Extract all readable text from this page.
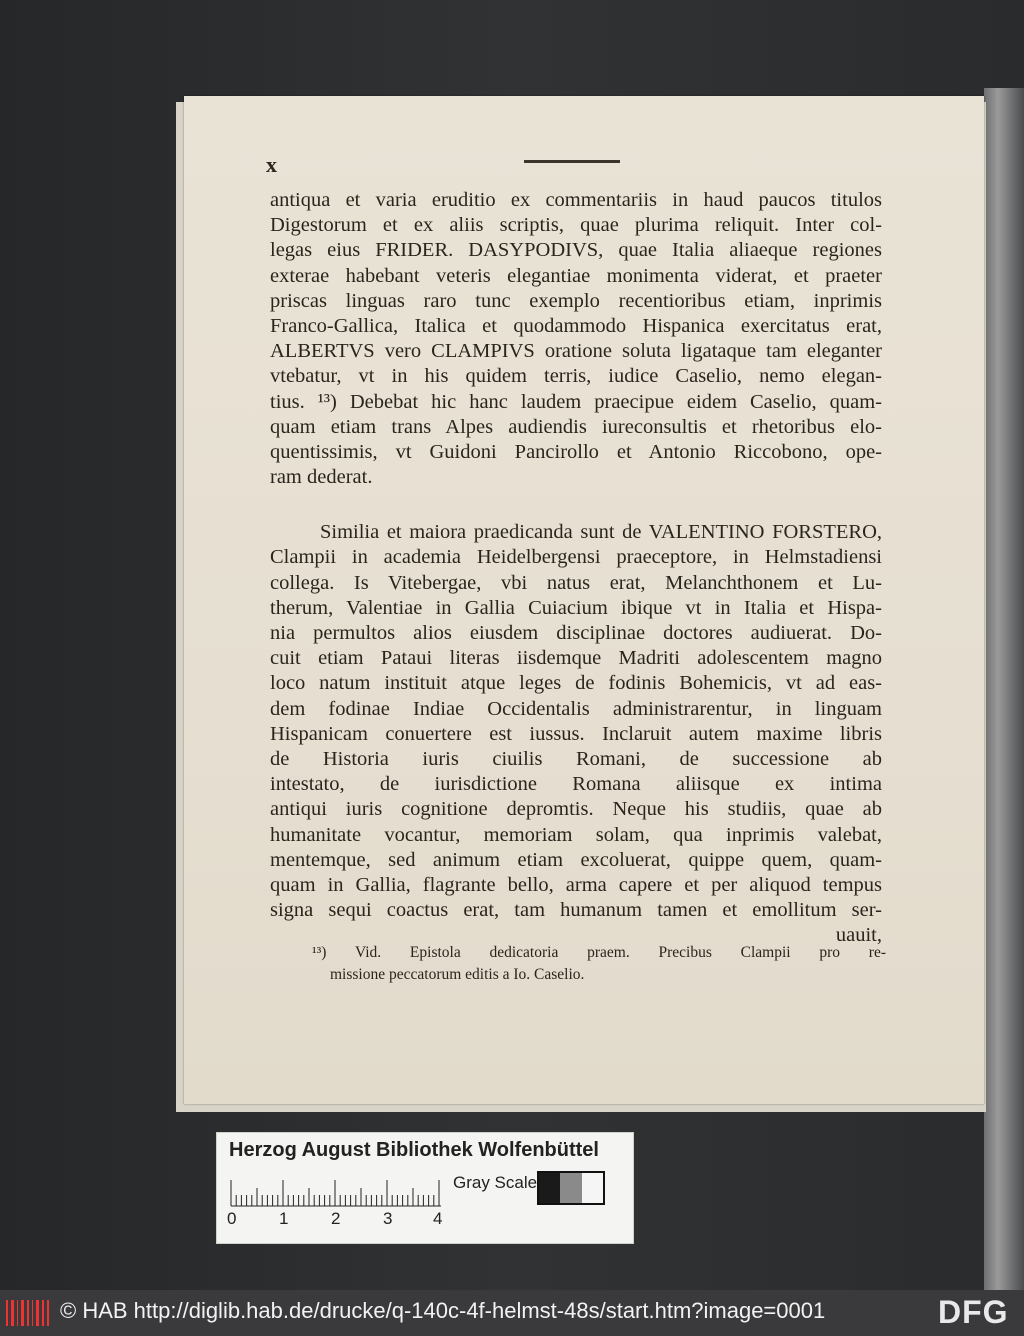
x
antiqua et varia eruditio ex commentariis in haud paucos titulos
Digestorum et ex aliis scriptis, quae plurima reliquit. Inter col-
legas eius FRIDER. DASYPODIVS, quae Italia aliaeque regiones
exterae habebant veteris elegantiae monimenta viderat, et praeter
priscas linguas raro tunc exemplo recentioribus etiam, inprimis
Franco-Gallica, Italica et quodammodo Hispanica exercitatus erat,
ALBERTVS vero CLAMPIVS oratione soluta ligataque tam eleganter
vtebatur, vt in his quidem terris, iudice Caselio, nemo elegan-
tius. ¹³) Debebat hic hanc laudem praecipue eidem Caselio, quam-
quam etiam trans Alpes audiendis iureconsultis et rhetoribus elo-
quentissimis, vt Guidoni Pancirollo et Antonio Riccobono, ope-
ram dederat.
Similia et maiora praedicanda sunt de VALENTINO FORSTERO,
Clampii in academia Heidelbergensi praeceptore, in Helmstadiensi
collega. Is Vitebergae, vbi natus erat, Melanchthonem et Lu-
therum, Valentiae in Gallia Cuiacium ibique vt in Italia et Hispa-
nia permultos alios eiusdem disciplinae doctores audiuerat. Do-
cuit etiam Pataui literas iisdemque Madriti adolescentem magno
loco natum instituit atque leges de fodinis Bohemicis, vt ad eas-
dem fodinae Indiae Occidentalis administrarentur, in linguam
Hispanicam conuertere est iussus. Inclaruit autem maxime libris
de Historia iuris ciuilis Romani, de successione ab
intestato, de iurisdictione Romana aliisque ex intima
antiqui iuris cognitione depromtis. Neque his studiis, quae ab
humanitate vocantur, memoriam solam, qua inprimis valebat,
mentemque, sed animum etiam excoluerat, quippe quem, quam-
quam in Gallia, flagrante bello, arma capere et per aliquod tempus
signa sequi coactus erat, tam humanum tamen et emollitum ser-
uauit,
¹³) Vid. Epistola dedicatoria praem. Precibus Clampii pro re-
missione peccatorum editis a Io. Caselio.
Herzog August Bibliothek Wolfenbüttel
0	1	2	3 4
Gray Scale
© HAB http://diglib.hab.de/drucke/q-140c-4f-helmst-48s/start.htm?image=0001	DFG
